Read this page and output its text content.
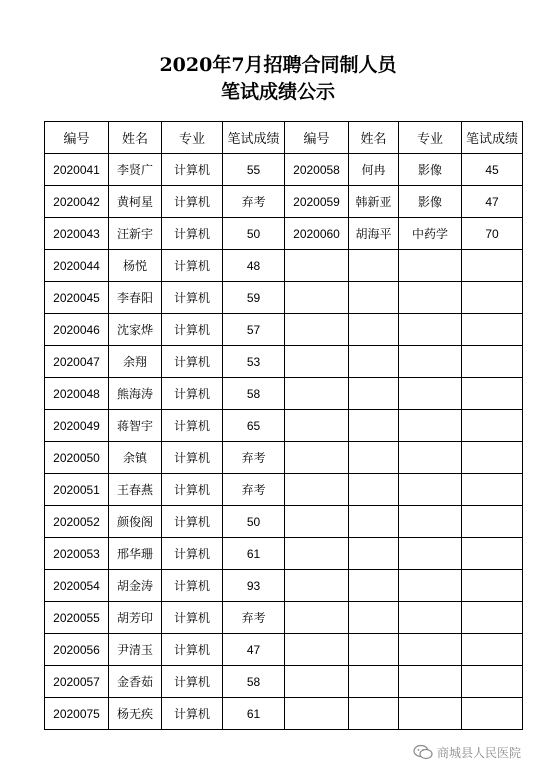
2020年7月招聘合同制人员
笔试成绩公示
编号	姓名	专业	笔试成绩	编号	姓名	专业	笔试成绩
2020041	李贤广	计算机	55	2020058	何冉	影像	45
2020042	黄柯星	计算机	弃考	2020059	韩新亚	影像	47
2020043	汪新宇	计算机	50	2020060	胡海平	中药学	70
2020044	杨悦	计算机	48				
2020045	李春阳	计算机	59				
2020046	沈家烨	计算机	57				
2020047	余翔	计算机	53				
2020048	熊海涛	计算机	58				
2020049	蒋智宇	计算机	65				
2020050	余镇	计算机	弃考				
2020051	王春燕	计算机	弃考				
2020052	颜俊阁	计算机	50				
2020053	邢华珊	计算机	61				
2020054	胡金涛	计算机	93				
2020055	胡芳印	计算机	弃考				
2020056	尹清玉	计算机	47				
2020057	金香茹	计算机	58				
2020075	杨无疾	计算机	61				
商城县人民医院
